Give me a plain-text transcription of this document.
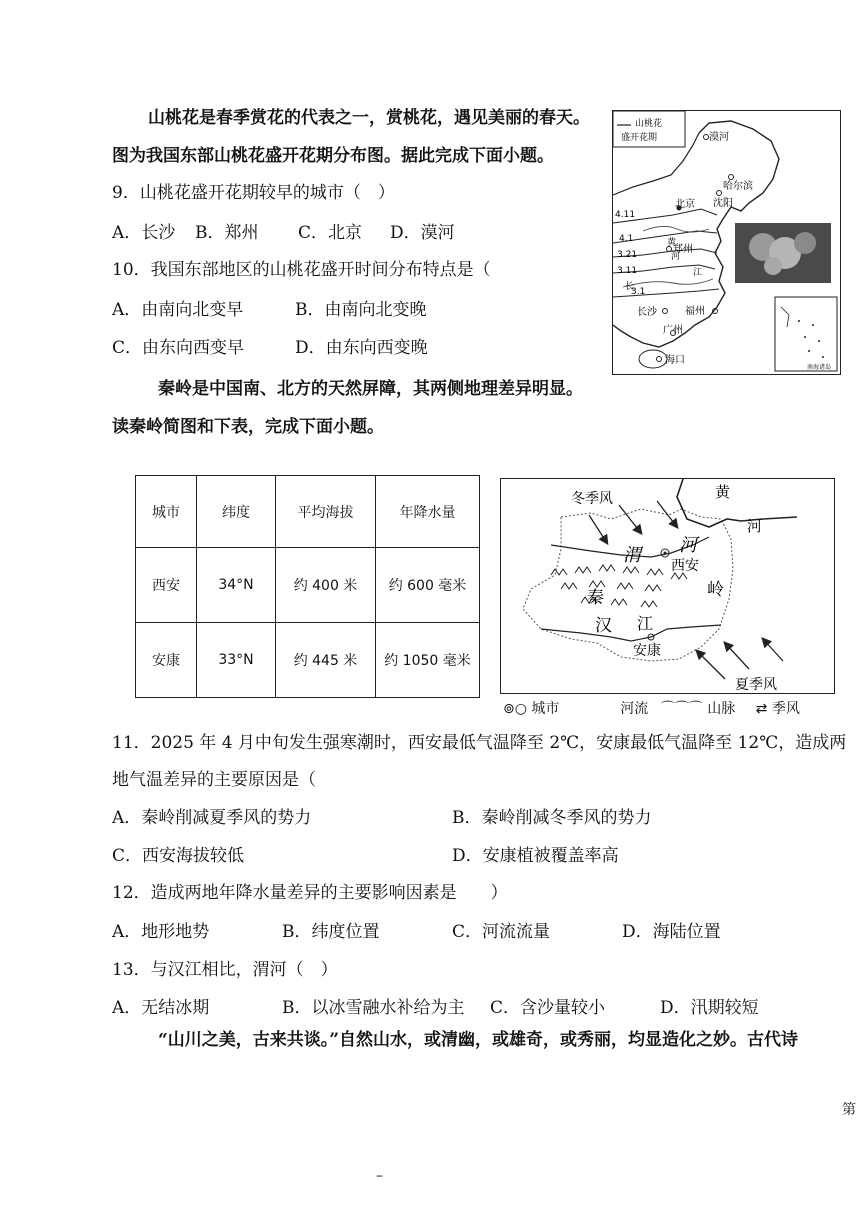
山桃花是春季赏花的代表之一，赏桃花，遇见美丽的春天。
图为我国东部山桃花盛开花期分布图。据此完成下面小题。
9．山桃花盛开花期较早的城市（　）
A．长沙 B．郑州 C．北京 D．漠河
10．我国东部地区的山桃花盛开时间分布特点是（
A．由南向北变早	B．由南向北变晚
C．由东向西变早	D．由东向西变晚
山桃花
盛开花期
4.11
4.1
3.21
3.11
3.1
黄
河
长
江
漠河
哈尔滨
沈阳
北京
郑州
长沙	福州
广州
海口
南海诸岛
秦岭是中国南、北方的天然屏障，其两侧地理差异明显。
读秦岭简图和下表，完成下面小题。
城市	纬度	平均海拔	年降水量
西安	34°N	约 400 米	约 600 毫米
安康	33°N	约 445 米	约 1050 毫米
黄
河
渭 河
西安
秦	岭
汉 江
安康
冬季风
夏季风
⊚○ 城市	河流 ⌒⌒⌒ 山脉 ⇄ 季风
11．2025 年 4 月中旬发生强寒潮时，西安最低气温降至 2℃，安康最低气温降至 12℃，造成两
地气温差异的主要原因是（
A．秦岭削减夏季风的势力	B．秦岭削减冬季风的势力
C．西安海拔较低	D．安康植被覆盖率高
12．造成两地年降水量差异的主要影响因素是　　）
A．地形地势	B．纬度位置	C．河流流量	D．海陆位置
13．与汉江相比，渭河（　）
A．无结冰期	B．以冰雪融水补给为主 C．含沙量较小	D．汛期较短
“山川之美，古来共谈。”自然山水，或清幽，或雄奇，或秀丽，均显造化之妙。古代诗
第
–
